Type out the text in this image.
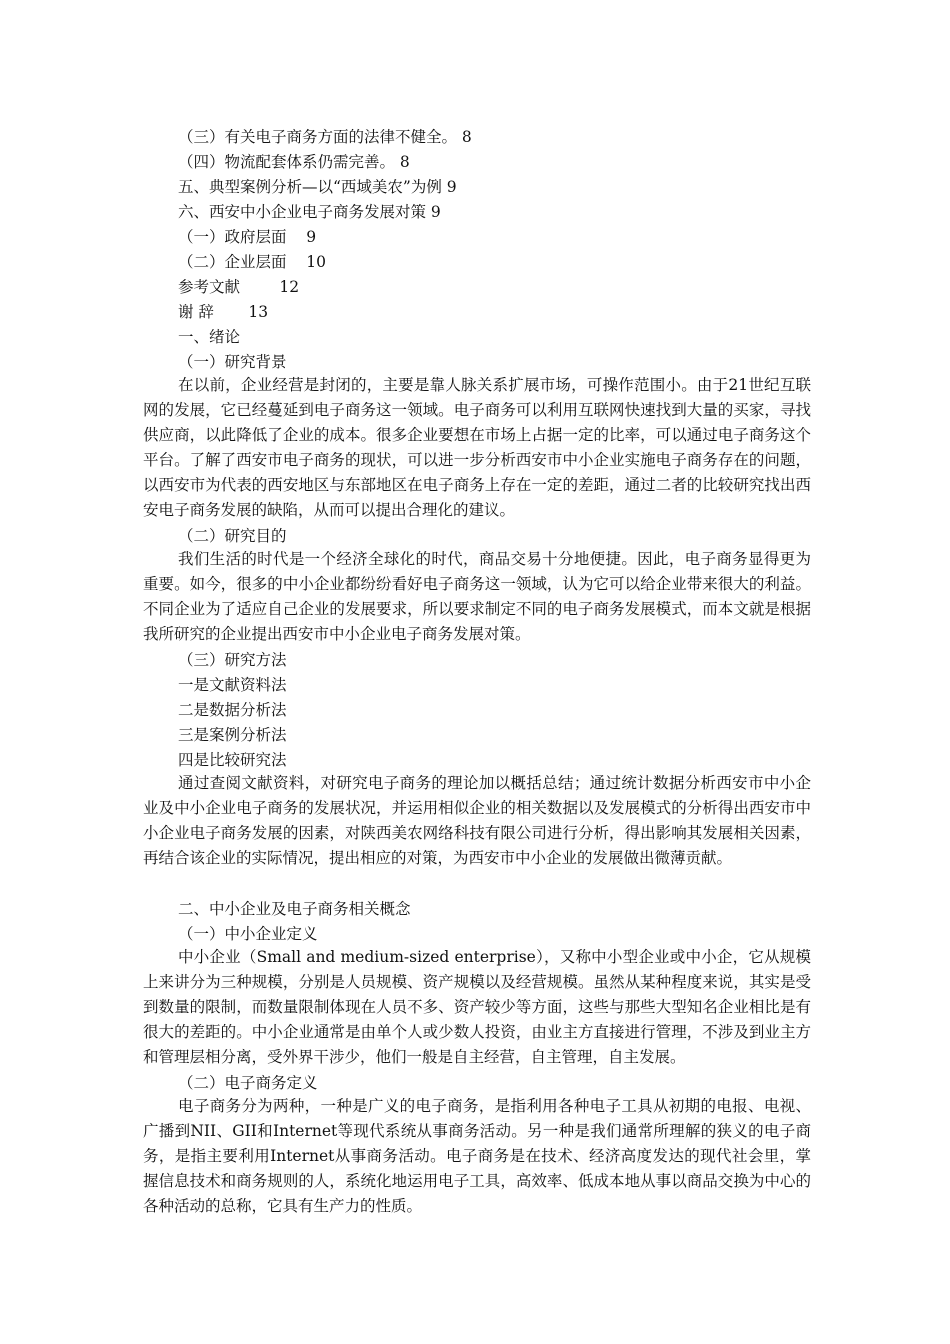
（三）有关电子商务方面的法律不健全。 8
（四）物流配套体系仍需完善。 8
五、典型案例分析—以“西域美农”为例 9
六、西安中小企业电子商务发展对策 9
（一）政府层面    9
（二）企业层面    10
参考文献        12
谢 辞       13
一、绪论
（一）研究背景
在以前，企业经营是封闭的，主要是靠人脉关系扩展市场，可操作范围小。由于21世纪互联网的发展，它已经蔓延到电子商务这一领域。电子商务可以利用互联网快速找到大量的买家，寻找供应商，以此降低了企业的成本。很多企业要想在市场上占据一定的比率，可以通过电子商务这个平台。了解了西安市电子商务的现状，可以进一步分析西安市中小企业实施电子商务存在的问题，以西安市为代表的西安地区与东部地区在电子商务上存在一定的差距，通过二者的比较研究找出西安电子商务发展的缺陷，从而可以提出合理化的建议。
（二）研究目的
我们生活的时代是一个经济全球化的时代，商品交易十分地便捷。因此，电子商务显得更为重要。如今，很多的中小企业都纷纷看好电子商务这一领域，认为它可以给企业带来很大的利益。不同企业为了适应自己企业的发展要求，所以要求制定不同的电子商务发展模式，而本文就是根据我所研究的企业提出西安市中小企业电子商务发展对策。
（三）研究方法
一是文献资料法
二是数据分析法
三是案例分析法
四是比较研究法
通过查阅文献资料，对研究电子商务的理论加以概括总结；通过统计数据分析西安市中小企业及中小企业电子商务的发展状况，并运用相似企业的相关数据以及发展模式的分析得出西安市中小企业电子商务发展的因素，对陕西美农网络科技有限公司进行分析，得出影响其发展相关因素，再结合该企业的实际情况，提出相应的对策，为西安市中小企业的发展做出微薄贡献。
二、中小企业及电子商务相关概念
（一）中小企业定义
中小企业（Small and medium-sized enterprise），又称中小型企业或中小企，它从规模上来讲分为三种规模，分别是人员规模、资产规模以及经营规模。虽然从某种程度来说，其实是受到数量的限制，而数量限制体现在人员不多、资产较少等方面，这些与那些大型知名企业相比是有很大的差距的。中小企业通常是由单个人或少数人投资，由业主方直接进行管理，不涉及到业主方和管理层相分离，受外界干涉少，他们一般是自主经营，自主管理，自主发展。
（二）电子商务定义
电子商务分为两种，一种是广义的电子商务，是指利用各种电子工具从初期的电报、电视、广播到NII、GII和Internet等现代系统从事商务活动。另一种是我们通常所理解的狭义的电子商务，是指主要利用Internet从事商务活动。电子商务是在技术、经济高度发达的现代社会里，掌握信息技术和商务规则的人，系统化地运用电子工具，高效率、低成本地从事以商品交换为中心的各种活动的总称，它具有生产力的性质。
